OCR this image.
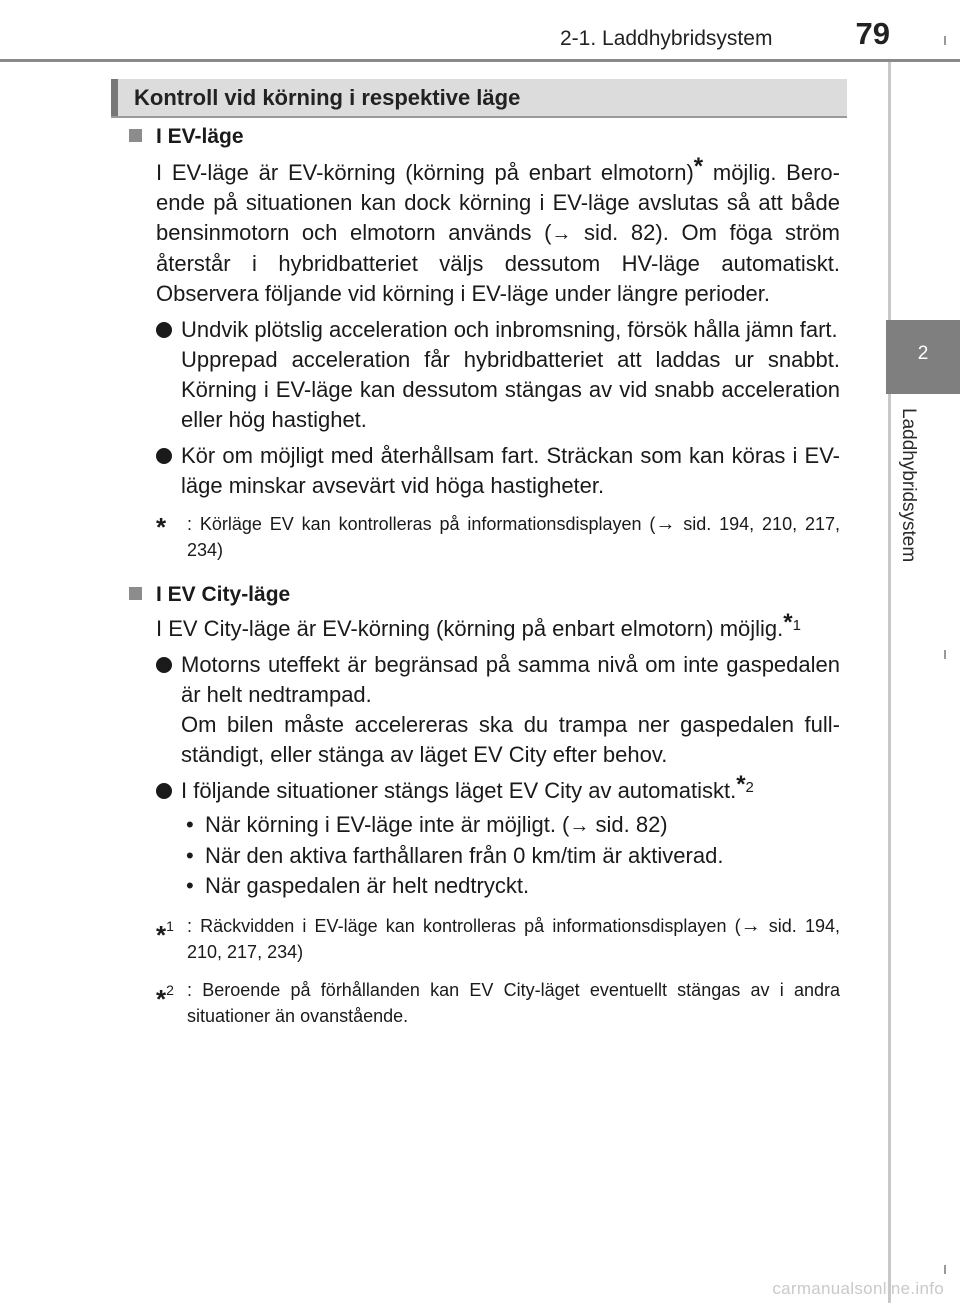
2-1. Laddhybridsystem	79
2
Laddhybridsystem
Kontroll vid körning i respektive läge
I EV-läge
I EV-läge är EV-körning (körning på enbart elmotorn)* möjlig. Beroende på situationen kan dock körning i EV-läge avslutas så att både bensinmotorn och elmotorn används (→ sid. 82). Om föga ström återstår i hybridbatteriet väljs dessutom HV-läge automatiskt. Observera följande vid körning i EV-läge under längre perioder.
Undvik plötslig acceleration och inbromsning, försök hålla jämn fart.
Upprepad acceleration får hybridbatteriet att laddas ur snabbt. Körning i EV-läge kan dessutom stängas av vid snabb acceleration eller hög hastighet.
Kör om möjligt med återhållsam fart. Sträckan som kan köras i EV-läge minskar avsevärt vid höga hastigheter.
* : Körläge EV kan kontrolleras på informationsdisplayen (→ sid. 194, 210, 217, 234)
I EV City-läge
I EV City-läge är EV-körning (körning på enbart elmotorn) möjlig.*1
Motorns uteffekt är begränsad på samma nivå om inte gaspedalen är helt nedtrampad.
Om bilen måste accelereras ska du trampa ner gaspedalen fullständigt, eller stänga av läget EV City efter behov.
I följande situationer stängs läget EV City av automatiskt.*2
• När körning i EV-läge inte är möjligt. (→ sid. 82)
• När den aktiva farthållaren från 0 km/tim är aktiverad.
• När gaspedalen är helt nedtryckt.
*$^1$ : Räckvidden i EV-läge kan kontrolleras på informationsdisplayen (→ sid. 194, 210, 217, 234)
*$^2$ : Beroende på förhållanden kan EV City-läget eventuellt stängas av i andra situationer än ovanstående.
carmanualsonline.info
